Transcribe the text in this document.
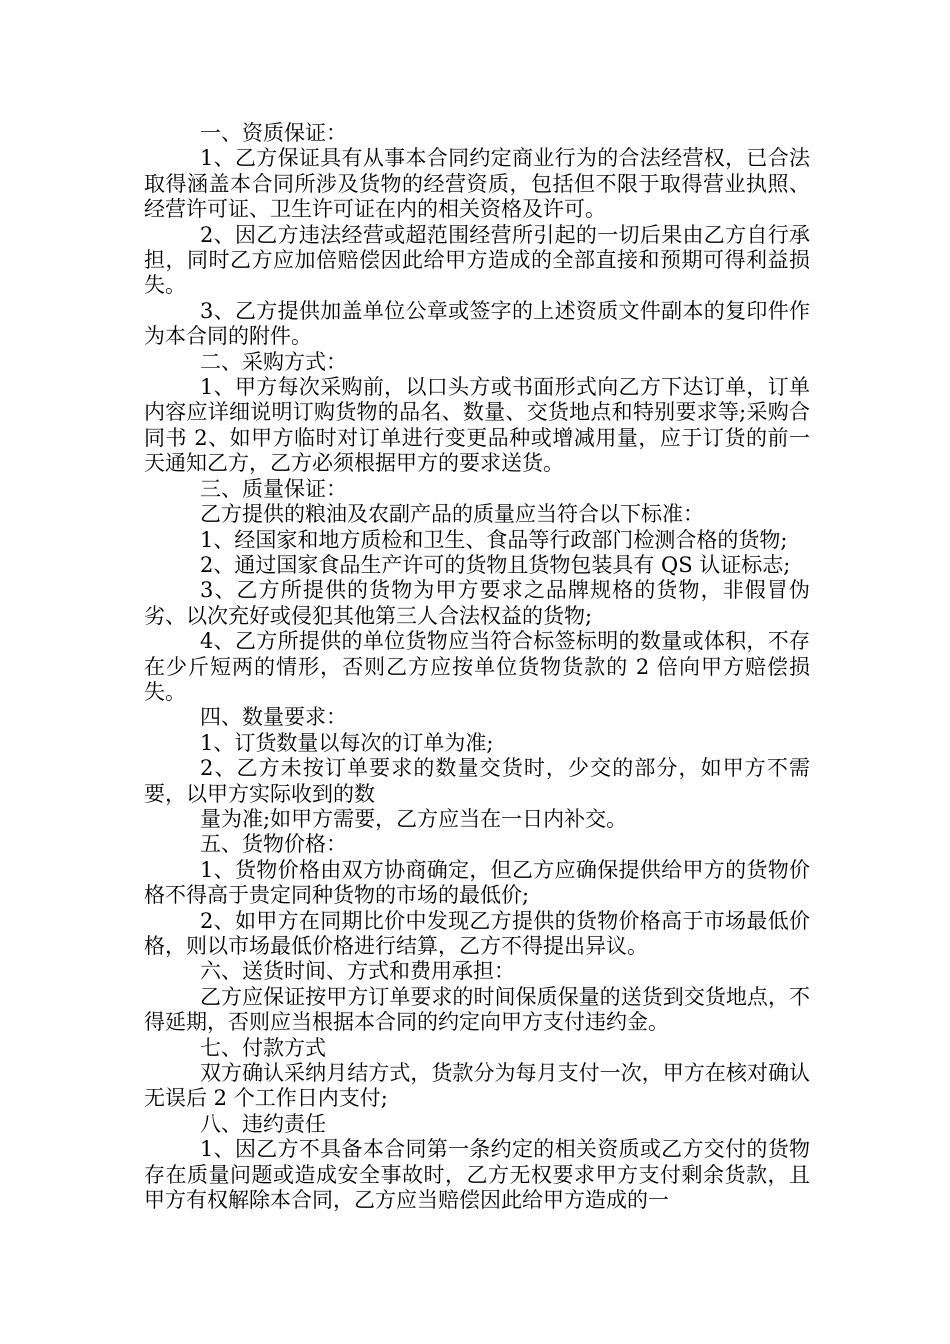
一、资质保证：

1、乙方保证具有从事本合同约定商业行为的合法经营权，已合法取得涵盖本合同所涉及货物的经营资质，包括但不限于取得营业执照、经营许可证、卫生许可证在内的相关资格及许可。

2、因乙方违法经营或超范围经营所引起的一切后果由乙方自行承担，同时乙方应加倍赔偿因此给甲方造成的全部直接和预期可得利益损失。

3、乙方提供加盖单位公章或签字的上述资质文件副本的复印件作为本合同的附件。

二、采购方式：

1、甲方每次采购前，以口头方或书面形式向乙方下达订单，订单内容应详细说明订购货物的品名、数量、交货地点和特别要求等;采购合同书 2、如甲方临时对订单进行变更品种或增减用量，应于订货的前一天通知乙方，乙方必须根据甲方的要求送货。

三、质量保证：

乙方提供的粮油及农副产品的质量应当符合以下标准：

1、经国家和地方质检和卫生、食品等行政部门检测合格的货物;

2、通过国家食品生产许可的货物且货物包装具有 QS 认证标志;

3、乙方所提供的货物为甲方要求之品牌规格的货物，非假冒伪劣、以次充好或侵犯其他第三人合法权益的货物;

4、乙方所提供的单位货物应当符合标签标明的数量或体积，不存在少斤短两的情形，否则乙方应按单位货物货款的 2 倍向甲方赔偿损失。

四、数量要求：

1、订货数量以每次的订单为准;

2、乙方未按订单要求的数量交货时，少交的部分，如甲方不需要，以甲方实际收到的数

量为准;如甲方需要，乙方应当在一日内补交。

五、货物价格：

1、货物价格由双方协商确定，但乙方应确保提供给甲方的货物价格不得高于贵定同种货物的市场的最低价;

2、如甲方在同期比价中发现乙方提供的货物价格高于市场最低价格，则以市场最低价格进行结算，乙方不得提出异议。

六、送货时间、方式和费用承担：

乙方应保证按甲方订单要求的时间保质保量的送货到交货地点，不得延期，否则应当根据本合同的约定向甲方支付违约金。

七、付款方式

双方确认采纳月结方式，货款分为每月支付一次，甲方在核对确认无误后 2 个工作日内支付;

八、违约责任

1、因乙方不具备本合同第一条约定的相关资质或乙方交付的货物存在质量问题或造成安全事故时，乙方无权要求甲方支付剩余货款，且甲方有权解除本合同，乙方应当赔偿因此给甲方造成的一
